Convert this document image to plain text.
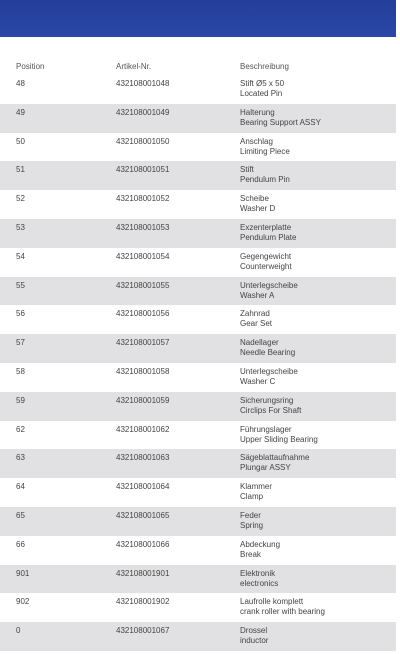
Position	Artikel-Nr.	Beschreibung
48	432108001048	Stift Ø5 x 50
Located Pin
49	432108001049	Halterung
Bearing Support ASSY
50	432108001050	Anschlag
Limiting Piece
51	432108001051	Stift
Pendulum Pin
52	432108001052	Scheibe
Washer D
53	432108001053	Exzenterplatte
Pendulum Plate
54	432108001054	Gegengewicht
Counterweight
55	432108001055	Unterlegscheibe
Washer A
56	432108001056	Zahnrad
Gear Set
57	432108001057	Nadellager
Needle Bearing
58	432108001058	Unterlegscheibe
Washer C
59	432108001059	Sicherungsring
Circlips For Shaft
62	432108001062	Führungslager
Upper Sliding Bearing
63	432108001063	Sägeblattaufnahme
Plungar ASSY
64	432108001064	Klammer
Clamp
65	432108001065	Feder
Spring
66	432108001066	Abdeckung
Break
901	432108001901	Elektronik
electronics
902	432108001902	Laufrolle komplett
crank roller with bearing
0	432108001067	Drossel
inductor
